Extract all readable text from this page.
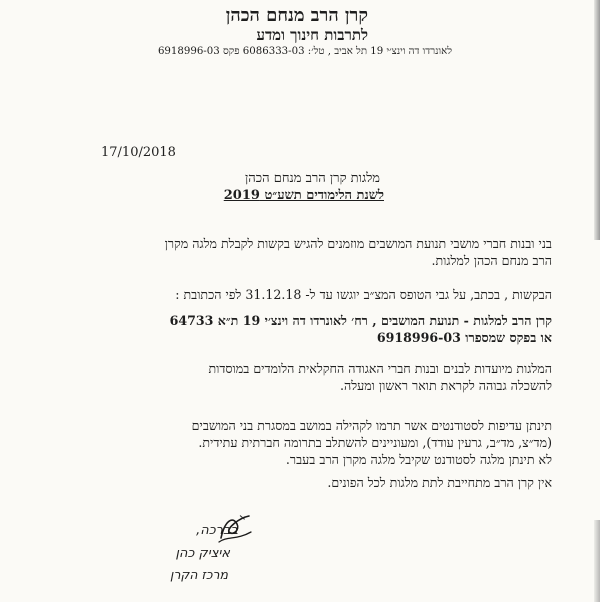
קרן הרב מנחם הכהן
לתרבות חינוך ומדע
לאונרדו דה וינצ׳י 19 תל אביב , טל׳: 6086333-03 פקס 6918996-03
17/10/2018
מלגות קרן הרב מנחם הכהן
לשנת הלימודים תשע״ט 2019
בני ובנות חברי מושבי תנועת המושבים מוזמנים להגיש בקשות לקבלת מלגה מקרן
הרב מנחם הכהן למלגות.
הבקשות , בכתב, על גבי הטופס המצ״ב יוגשו עד ל- 31.12.18 לפי הכתובת :
קרן הרב למלגות - תנועת המושבים , רח׳ לאונרדו דה וינצ׳י 19 ת״א 64733
או בפקס שמספרו 6918996-03
המלגות מיועדות לבנים ובנות חברי האגודה החקלאית הלומדים במוסדות
להשכלה גבוהה לקראת תואר ראשון ומעלה.
תינתן עדיפות לסטודנטים אשר תרמו לקהילה במושב במסגרת בני המושבים
(מד״צ, מד״ב, גרעין עודד), ומעוניינים להשתלב בתרומה חברתית עתידית.
לא תינתן מלגה לסטודנט שקיבל מלגה מקרן הרב בעבר.
אין קרן הרב מתחייבת לתת מלגות לכל הפונים.
בברכה,
איציק כהן
מרכז הקרן
